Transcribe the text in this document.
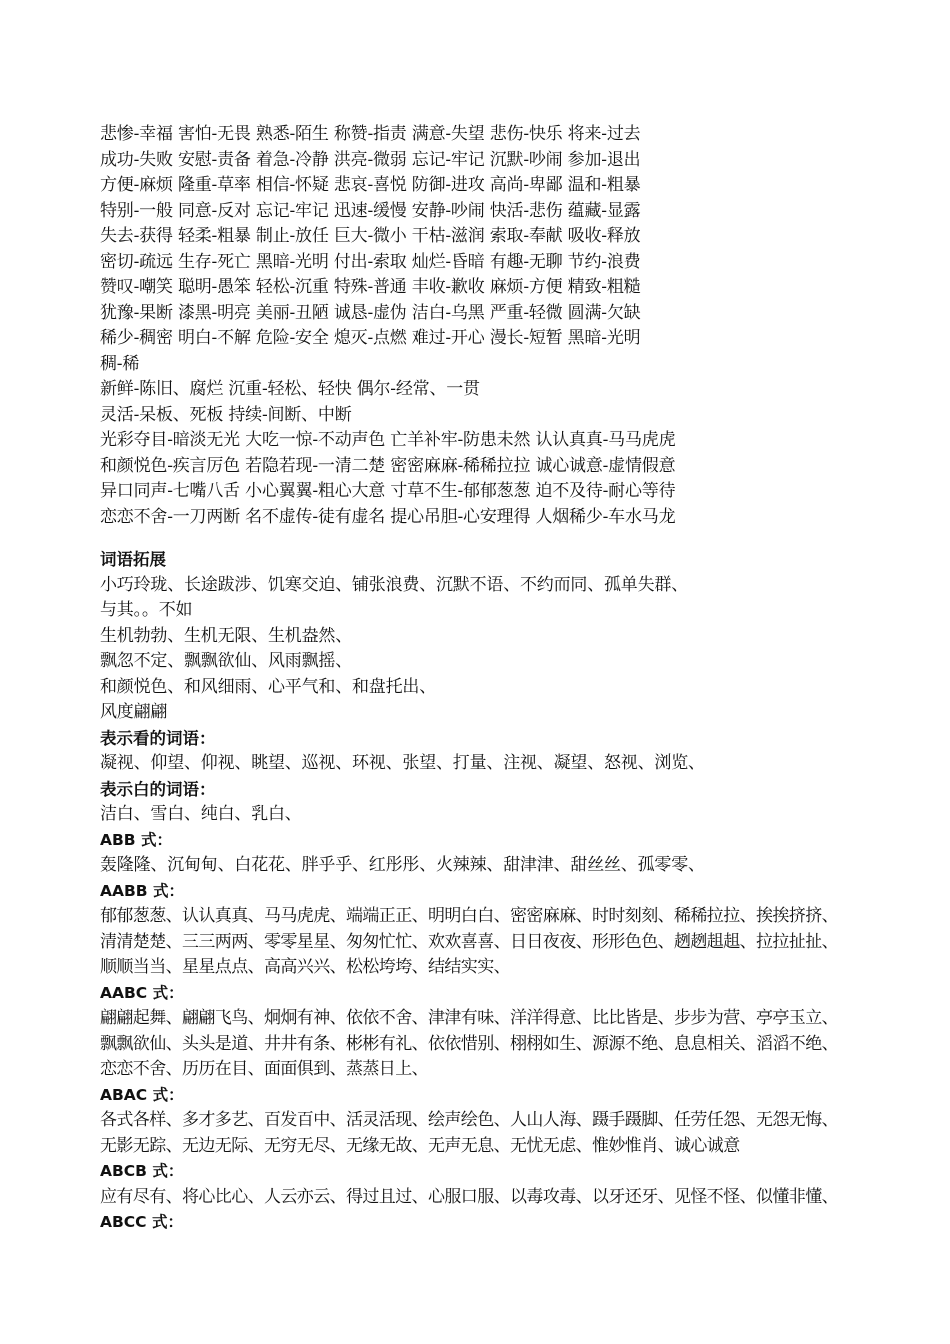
悲惨-幸福 害怕-无畏 熟悉-陌生 称赞-指责 满意-失望 悲伤-快乐 将来-过去
成功-失败 安慰-责备 着急-冷静 洪亮-微弱 忘记-牢记 沉默-吵闹 参加-退出
方便-麻烦 隆重-草率 相信-怀疑 悲哀-喜悦 防御-进攻 高尚-卑鄙 温和-粗暴
特别-一般 同意-反对 忘记-牢记 迅速-缓慢 安静-吵闹 快活-悲伤 蕴藏-显露
失去-获得 轻柔-粗暴 制止-放任 巨大-微小 干枯-滋润 索取-奉献 吸收-释放
密切-疏远 生存-死亡 黑暗-光明 付出-索取 灿烂-昏暗 有趣-无聊 节约-浪费
赞叹-嘲笑 聪明-愚笨 轻松-沉重 特殊-普通 丰收-歉收 麻烦-方便 精致-粗糙
犹豫-果断 漆黑-明亮 美丽-丑陋 诚恳-虚伪 洁白-乌黑 严重-轻微 圆满-欠缺
稀少-稠密 明白-不解 危险-安全 熄灭-点燃 难过-开心 漫长-短暂 黑暗-光明
稠-稀
新鲜-陈旧、腐烂 沉重-轻松、轻快 偶尔-经常、一贯
灵活-呆板、死板 持续-间断、中断
光彩夺目-暗淡无光 大吃一惊-不动声色 亡羊补牢-防患未然 认认真真-马马虎虎
和颜悦色-疾言厉色 若隐若现-一清二楚 密密麻麻-稀稀拉拉 诚心诚意-虚情假意
异口同声-七嘴八舌 小心翼翼-粗心大意 寸草不生-郁郁葱葱 迫不及待-耐心等待
恋恋不舍-一刀两断 名不虚传-徒有虚名 提心吊胆-心安理得 人烟稀少-车水马龙
词语拓展
小巧玲珑、长途跋涉、饥寒交迫、铺张浪费、沉默不语、不约而同、孤单失群、
与其。。不如
生机勃勃、生机无限、生机盎然、
飘忽不定、飘飘欲仙、风雨飘摇、
和颜悦色、和风细雨、心平气和、和盘托出、
风度翩翩
表示看的词语：
凝视、仰望、仰视、眺望、巡视、环视、张望、打量、注视、凝望、怒视、浏览、
表示白的词语：
洁白、雪白、纯白、乳白、
ABB 式：
轰隆隆、沉甸甸、白花花、胖乎乎、红彤彤、火辣辣、甜津津、甜丝丝、孤零零、
AABB 式：
郁郁葱葱、认认真真、马马虎虎、端端正正、明明白白、密密麻麻、时时刻刻、稀稀拉拉、挨挨挤挤、
清清楚楚、三三两两、零零星星、匆匆忙忙、欢欢喜喜、日日夜夜、形形色色、趔趔趄趄、拉拉扯扯、
顺顺当当、星星点点、高高兴兴、松松垮垮、结结实实、
AABC 式：
翩翩起舞、翩翩飞鸟、炯炯有神、依依不舍、津津有味、洋洋得意、比比皆是、步步为营、亭亭玉立、
飘飘欲仙、头头是道、井井有条、彬彬有礼、依依惜别、栩栩如生、源源不绝、息息相关、滔滔不绝、
恋恋不舍、历历在目、面面俱到、蒸蒸日上、
ABAC 式：
各式各样、多才多艺、百发百中、活灵活现、绘声绘色、人山人海、蹑手蹑脚、任劳任怨、无怨无悔、
无影无踪、无边无际、无穷无尽、无缘无故、无声无息、无忧无虑、惟妙惟肖、诚心诚意
ABCB 式：
应有尽有、将心比心、人云亦云、得过且过、心服口服、以毒攻毒、以牙还牙、见怪不怪、似懂非懂、
ABCC 式：
